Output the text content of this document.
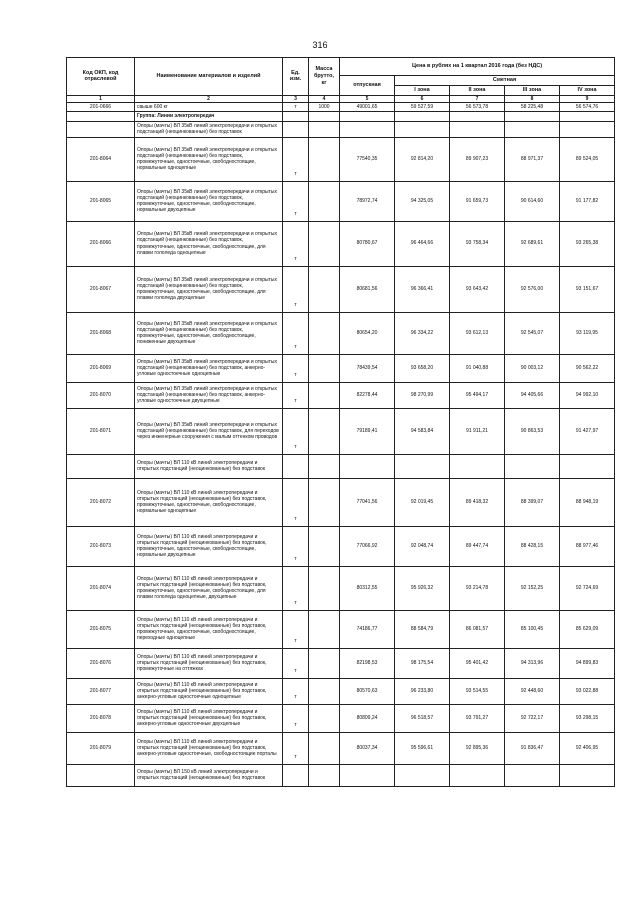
316
Код ОКП, код отраслевой	Наименование материалов и изделий	Ед. изм.	Масса брутто, кг	Цена в рублях на 1 квартал 2016 года (без НДС)				
				отпускная	Сметная			
					I зона	II зона	III зона	IV зона
1	2	3	4	5	6	7	8	9
201-0666	свыше 600 кг	т	1000	49001,65	59 527,59	56 573,78	58 225,48	56 574,76
	Группа: Линии электропередач							
	Опоры (мачты) ВЛ 35кВ линий электропередачи и открытых подстанций (неоцинкованные) без подставок							
201-8064	Опоры (мачты) ВЛ 35кВ линий электропередачи и открытых подстанций (неоцинкованные) без подставок, промежуточные, одностоечные, свободностоящие, нормальные одноцепные	т		77540,35	92 814,20	89 907,23	88 971,37	89 524,05
201-8065	Опоры (мачты) ВЛ 35кВ линий электропередачи и открытых подстанций (неоцинкованные) без подставок, промежуточные, одностоечные, свободностоящие, нормальные двухцепные	т		78972,74	94 325,05	91 659,73	90 614,60	91 177,82
201-8066	Опоры (мачты) ВЛ 35кВ линий электропередачи и открытых подстанций (неоцинкованные) без подставок, промежуточные, одностоечные, свободностоящие, для плавки гололеда одноцепные	т		80780,67	96 464,66	93 758,34	92 689,61	93 265,38
201-8067	Опоры (мачты) ВЛ 35кВ линий электропередачи и открытых подстанций (неоцинкованные) без подставок, промежуточные, одностоечные, свободностоящие, для плавки гололеда двухцепные	т		80681,56	96 366,41	93 643,42	92 576,00	93 151,67
201-8068	Опоры (мачты) ВЛ 35кВ линий электропередачи и открытых подстанций (неоцинкованные) без подставок, промежуточные, одностоечные, свободностоящие, пониженные двухцепные	т		80654,20	96 334,22	93 612,13	92 545,07	93 119,95
201-8069	Опоры (мачты) ВЛ 35кВ линий электропередачи и открытых подстанций (неоцинкованные) без подставок, анкерно-угловые одностоечные одноцепные	т		78439,54	93 658,20	91 040,88	90 003,12	90 562,22
201-8070	Опоры (мачты) ВЛ 35кВ линий электропередачи и открытых подстанций (неоцинкованные) без подставок, анкерно-угловые одностоечные двухцепные	т		82278,44	98 270,99	95 494,17	94 405,66	94 992,10
201-8071	Опоры (мачты) ВЛ 35кВ линий электропередачи и открытых подстанций (неоцинкованные) без подставок, для переходов через инженерные сооружения с малым оттенком проводов	т		79189,41	94 583,84	91 911,21	90 863,53	91 427,97
	Опоры (мачты) ВЛ 110 кВ линий электропередачи и открытых подстанций (неоцинкованные) без подставок							
201-8072	Опоры (мачты) ВЛ 110 кВ линий электропередачи и открытых подстанций (неоцинкованные) без подставок, промежуточные, одностоечные, свободностоящие, нормальные одноцепные	т		77041,56	92 019,45	89 418,32	88 399,07	88 948,19
201-8073	Опоры (мачты) ВЛ 110 кВ линий электропередачи и открытых подстанций (неоцинкованные) без подставок, промежуточные, одностоечные, свободностоящие, нормальные двухцепные	т		77066,92	92 048,74	89 447,74	88 428,15	88 977,46
201-8074	Опоры (мачты) ВЛ 110 кВ линий электропередачи и открытых подстанций (неоцинкованные) без подставок, промежуточные, одностоечные, свободностоящие, для плавки гололеда одноцепные, двухцепные	т		80312,55	95 926,32	93 214,78	92 152,25	92 724,69
201-8075	Опоры (мачты) ВЛ 110 кВ линий электропередачи и открытых подстанций (неоцинкованные) без подставок, промежуточные, одностоечные, свободностоящие, переходные одноцепные	т		74186,77	88 584,79	86 081,57	85 100,45	85 629,09
201-8076	Опоры (мачты) ВЛ 110 кВ линий электропередачи и открытых подстанций (неоцинкованные) без подставок, промежуточные на оттяжках	т		82198,53	98 175,54	95 401,42	94 313,96	94 899,83
201-8077	Опоры (мачты) ВЛ 110 кВ линий электропередачи и открытых подстанций (неоцинкованные) без подставок, анкерно-угловые одностоечные одноцепные	т		80570,63	96 233,80	93 514,55	92 448,60	93 022,88
201-8078	Опоры (мачты) ВЛ 110 кВ линий электропередачи и открытых подстанций (неоцинкованные) без подставок, анкерно-угловые одностоечные двухцепные	т		80809,24	96 518,57	93 791,27	92 722,17	93 298,15
201-8079	Опоры (мачты) ВЛ 110 кВ линий электропередачи и открытых подстанций (неоцинкованные) без подставок, анкерно-угловые одностоечные, свободностоящие порталы	т		80037,34	95 596,61	92 895,36	91 836,47	92 406,95
	Опоры (мачты) ВЛ 150 кВ линий электропередачи и открытых подстанций (неоцинкованные) без подставок							
